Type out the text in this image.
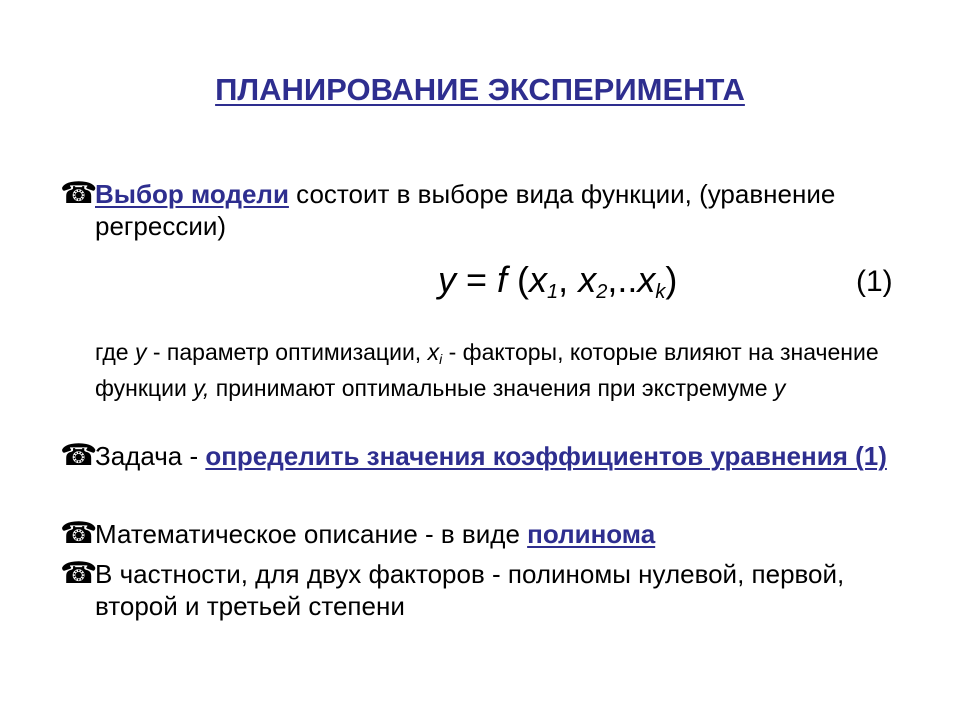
ПЛАНИРОВАНИЕ ЭКСПЕРИМЕНТА
☎
Выбор модели состоит в выборе вида функции, (уравнение регрессии)
y = f ($x_1$, $x_2,..x_k$)	(1)
где y - параметр оптимизации, $x_i$ - факторы, которые влияют на значение функции y, принимают оптимальные значения при экстремуме y
☎
Задача - определить значения коэффициентов уравнения (1)
☎
Математическое описание - в виде полинома
☎
В частности, для двух факторов - полиномы нулевой, первой, второй и третьей степени
